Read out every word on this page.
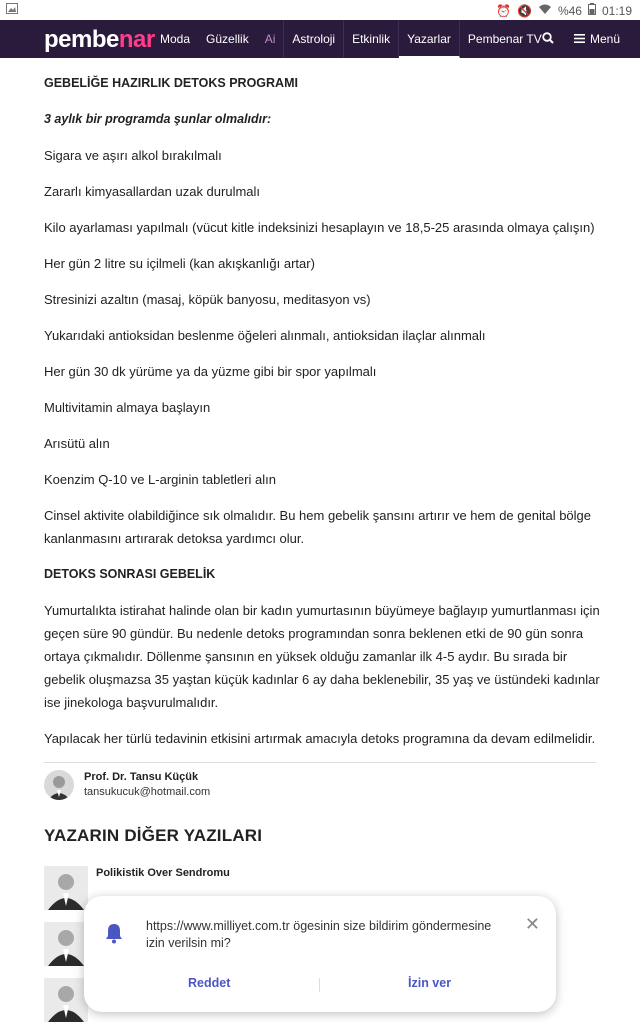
⏰ 🔇 %46 01:19
pembenar Moda	Güzellik	Ai	Astroloji	Etkinlik	Yazarlar	Pembenar TV	Menü

GEBELİĞE HAZIRLIK DETOKS PROGRAMI

3 aylık bir programda şunlar olmalıdır:

Sigara ve aşırı alkol bırakılmalı

Zararlı kimyasallardan uzak durulmalı

Kilo ayarlaması yapılmalı (vücut kitle indeksinizi hesaplayın ve 18,5-25 arasında olmaya çalışın)

Her gün 2 litre su içilmeli (kan akışkanlığı artar)

Stresinizi azaltın (masaj, köpük banyosu, meditasyon vs)

Yukarıdaki antioksidan beslenme öğeleri alınmalı, antioksidan ilaçlar alınmalı

Her gün 30 dk yürüme ya da yüzme gibi bir spor yapılmalı

Multivitamin almaya başlayın

Arısütü alın

Koenzim Q-10 ve L-arginin tabletleri alın

Cinsel aktivite olabildiğince sık olmalıdır. Bu hem gebelik şansını artırır ve hem de genital bölge kanlanmasını artırarak detoksa yardımcı olur.

DETOKS SONRASI GEBELİK

Yumurtalıkta istirahat halinde olan bir kadın yumurtasının büyümeye bağlayıp yumurtlanması için geçen süre 90 gündür. Bu nedenle detoks programından sonra beklenen etki de 90 gün sonra ortaya çıkmalıdır. Döllenme şansının en yüksek olduğu zamanlar ilk 4-5 aydır. Bu sırada bir gebelik oluşmazsa 35 yaştan küçük kadınlar 6 ay daha beklenebilir, 35 yaş ve üstündeki kadınlar ise jinekologa başvurulmalıdır.

Yapılacak her türlü tedavinin etkisini artırmak amacıyla detoks programına da devam edilmelidir.

Prof. Dr. Tansu Küçük
tansukucuk@hotmail.com
YAZARIN DİĞER YAZILARI
Polikistik Over Sendromu
https://www.milliyet.com.tr ögesinin size bildirim göndermesine izin verilsin mi?
✕
Reddet	İzin ver
